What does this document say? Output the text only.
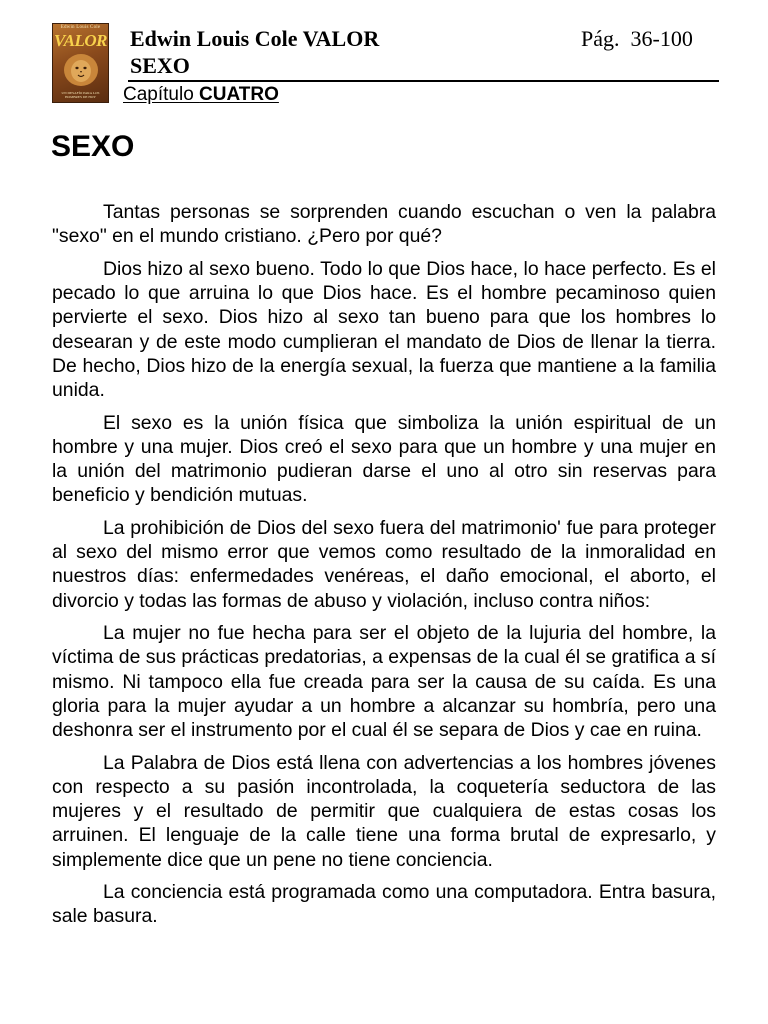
Edwin Louis Cole
VALOR
UN DESAFÍO PARA LOS HOMBRES DE HOY
Edwin Louis Cole VALOR
SEXO
Pág.  36-100
Capítulo CUATRO
SEXO

Tantas personas se sorprenden cuando escuchan o ven la palabra "sexo" en el mundo cristiano. ¿Pero por qué?

Dios hizo al sexo bueno. Todo lo que Dios hace, lo hace perfecto. Es el pecado lo que arruina lo que Dios hace. Es el hombre pecaminoso quien pervierte el sexo. Dios hizo al sexo tan bueno para que los hombres lo desearan y de este modo cumplieran el mandato de Dios de llenar la tierra. De hecho, Dios hizo de la energía sexual, la fuerza que mantiene a la familia unida.

El sexo es la unión física que simboliza la unión espiritual de un hombre y una mujer. Dios creó el sexo para que un hombre y una mujer en la unión del matrimonio pudieran darse el uno al otro sin reservas para beneficio y bendición mutuas.

La prohibición de Dios del sexo fuera del matrimonio' fue para proteger al sexo del mismo error que vemos como resultado de la inmoralidad en nuestros días: enfermedades venéreas, el daño emocional, el aborto, el divorcio y todas las formas de abuso y violación, incluso contra niños:

La mujer no fue hecha para ser el objeto de la lujuria del hombre, la víctima de sus prácticas predatorias, a expensas de la cual él se gratifica a sí mismo. Ni tampoco ella fue creada para ser la causa de su caída. Es una gloria para la mujer ayudar a un hombre a alcanzar su hombría, pero una deshonra ser el instrumento por el cual él se separa de Dios y cae en ruina.

La Palabra de Dios está llena con advertencias a los hombres jóvenes con respecto a su pasión incontrolada, la coquetería seductora de las mujeres y el resultado de permitir que cualquiera de estas cosas los arruinen. El lenguaje de la calle tiene una forma brutal de expresarlo, y simplemente dice que un pene no tiene conciencia.

La conciencia está programada como una computadora. Entra basura, sale basura.
